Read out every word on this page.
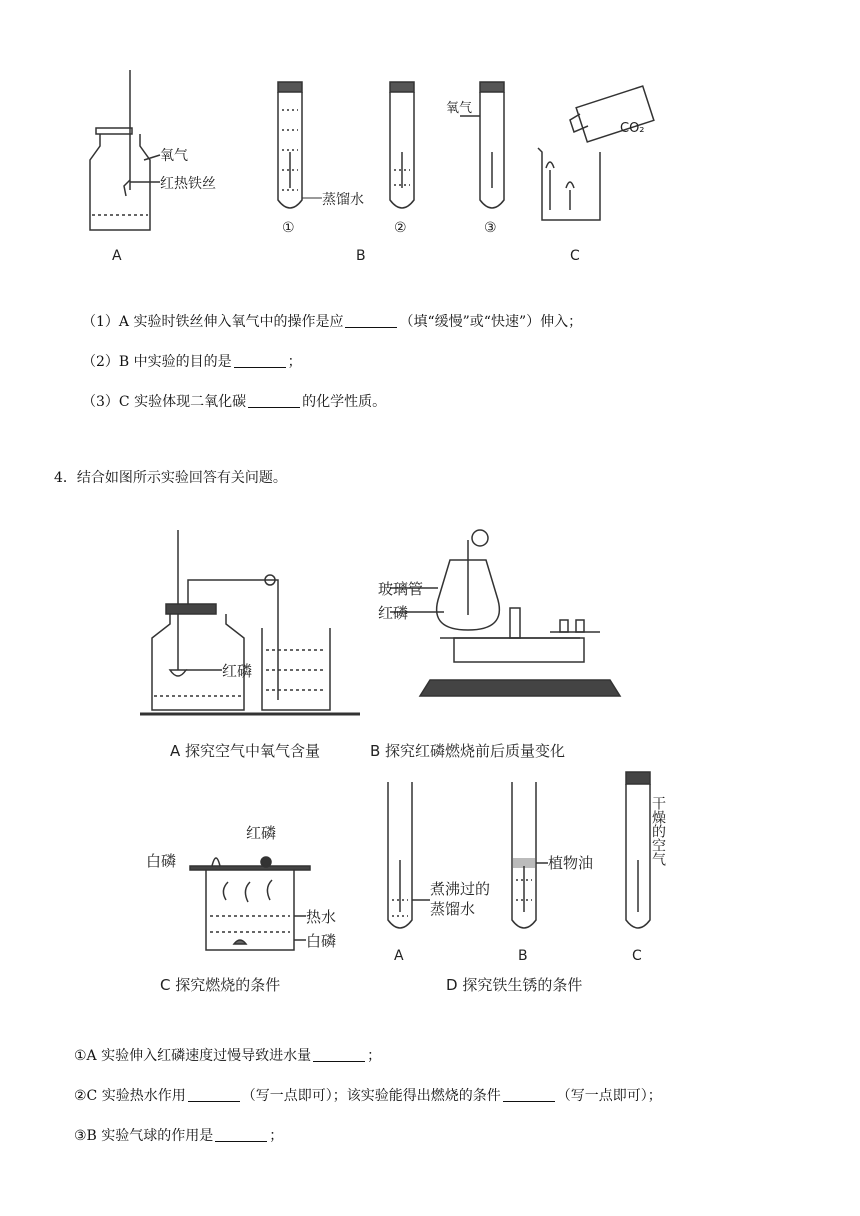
氧气
红热铁丝
A
氧气
蒸馏水
①	②	③
B
CO₂
C
（1）A 实验时铁丝伸入氧气中的操作是应	（填“缓慢”或“快速”）伸入；
（2）B 中实验的目的是	；
（3）C 实验体现二氧化碳	的化学性质。
4．结合如图所示实验回答有关问题。
红磷
A 探究空气中氧气含量
玻璃管
红磷
B 探究红磷燃烧前后质量变化
红磷
白磷
热水
白磷
C 探究燃烧的条件
煮沸过的
蒸馏水
植物油	干燥的空气
A	B	C
D 探究铁生锈的条件
①A 实验伸入红磷速度过慢导致进水量	；
②C 实验热水作用	（写一点即可）；该实验能得出燃烧的条件	（写一点即可）；
③B 实验气球的作用是	；
